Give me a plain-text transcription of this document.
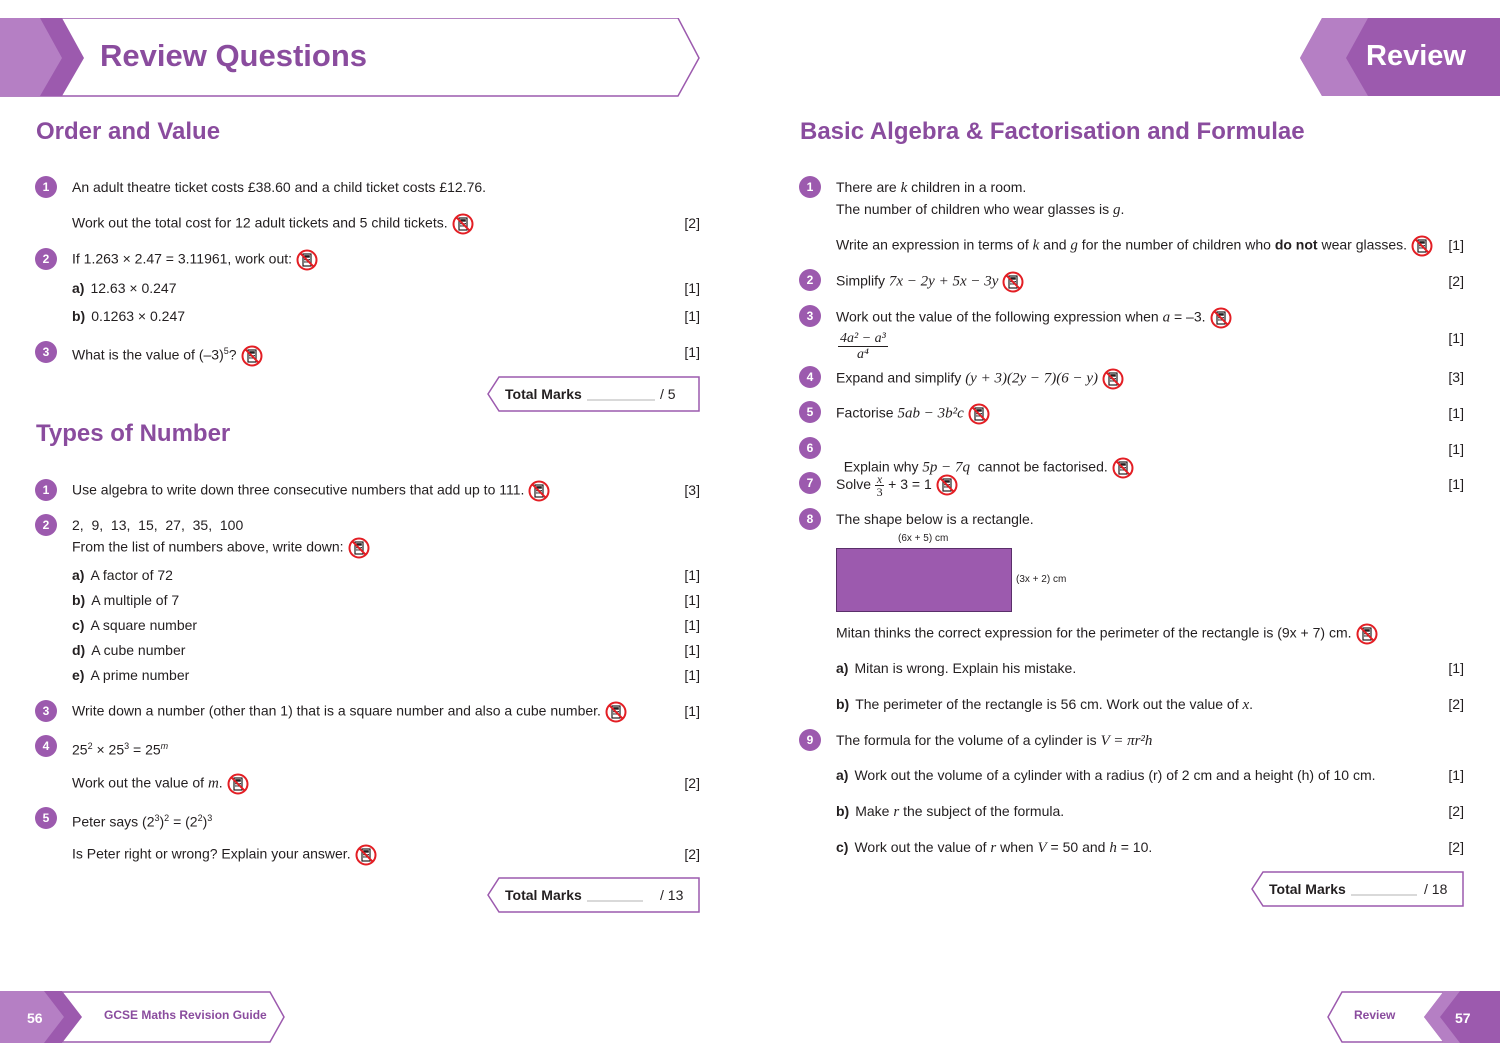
Review Questions	Review
Order and Value
1	An adult theatre ticket costs £38.60 and a child ticket costs £12.76.
Work out the total cost for 12 adult tickets and 5 child tickets.	[2]
2	If 1.263 × 2.47 = 3.11961, work out:
a) 12.63 × 0.247	[1]
b) 0.1263 × 0.247	[1]
3	What is the value of $(-3)^5$?	[1]
Total Marks	/ 5
Types of Number
1	Use algebra to write down three consecutive numbers that add up to 111.	[3]
2	2,  9,  13,  15,  27,  35,  100
From the list of numbers above, write down:
a) A factor of 72	[1]
b) A multiple of 7	[1]
c) A square number	[1]
d) A cube number	[1]
e) A prime number	[1]
3	Write down a number (other than 1) that is a square number and also a cube number.	[1]
4	$25^2 \times 25^3 = 25^m$
Work out the value of m.	[2]
5	Peter says $(2^3)^2 = (2^2)^3$
Is Peter right or wrong? Explain your answer.	[2]
Total Marks	/ 13
Basic Algebra & Factorisation and Formulae
1	There are k children in a room.
The number of children who wear glasses is g.
Write an expression in terms of k and g for the number of children who do not wear glasses.	[1]
2	Simplify 7x − 2y + 5x − 3y	[2]
3	Work out the value of the following expression when a = –3.
$\frac{\text{4a² − a³}}{\text{a⁴}}$	[1]
4	Expand and simplify (y + 3)(2y − 7)(6 − y)	[3]
5	Factorise 5ab − 3b²c	[1]
6

Explain why 5p − 7q  cannot be factorised.

[1]
7	Solve $\frac{x}{3} + 3 = 1$	[1]
8	The shape below is a rectangle.
(6x + 5) cm
(3x + 2) cm
Mitan thinks the correct expression for the perimeter of the rectangle is (9x + 7) cm.
a) Mitan is wrong. Explain his mistake.	[1]
b) The perimeter of the rectangle is 56 cm. Work out the value of x.	[2]
9	The formula for the volume of a cylinder is V = πr²h
a) Work out the volume of a cylinder with a radius (r) of 2 cm and a height (h) of 10 cm.	[1]
b) Make r the subject of the formula.	[2]
c) Work out the value of r when V = 50 and h = 10.	[2]
Total Marks	/ 18
56	GCSE Maths Revision Guide	Review	57
